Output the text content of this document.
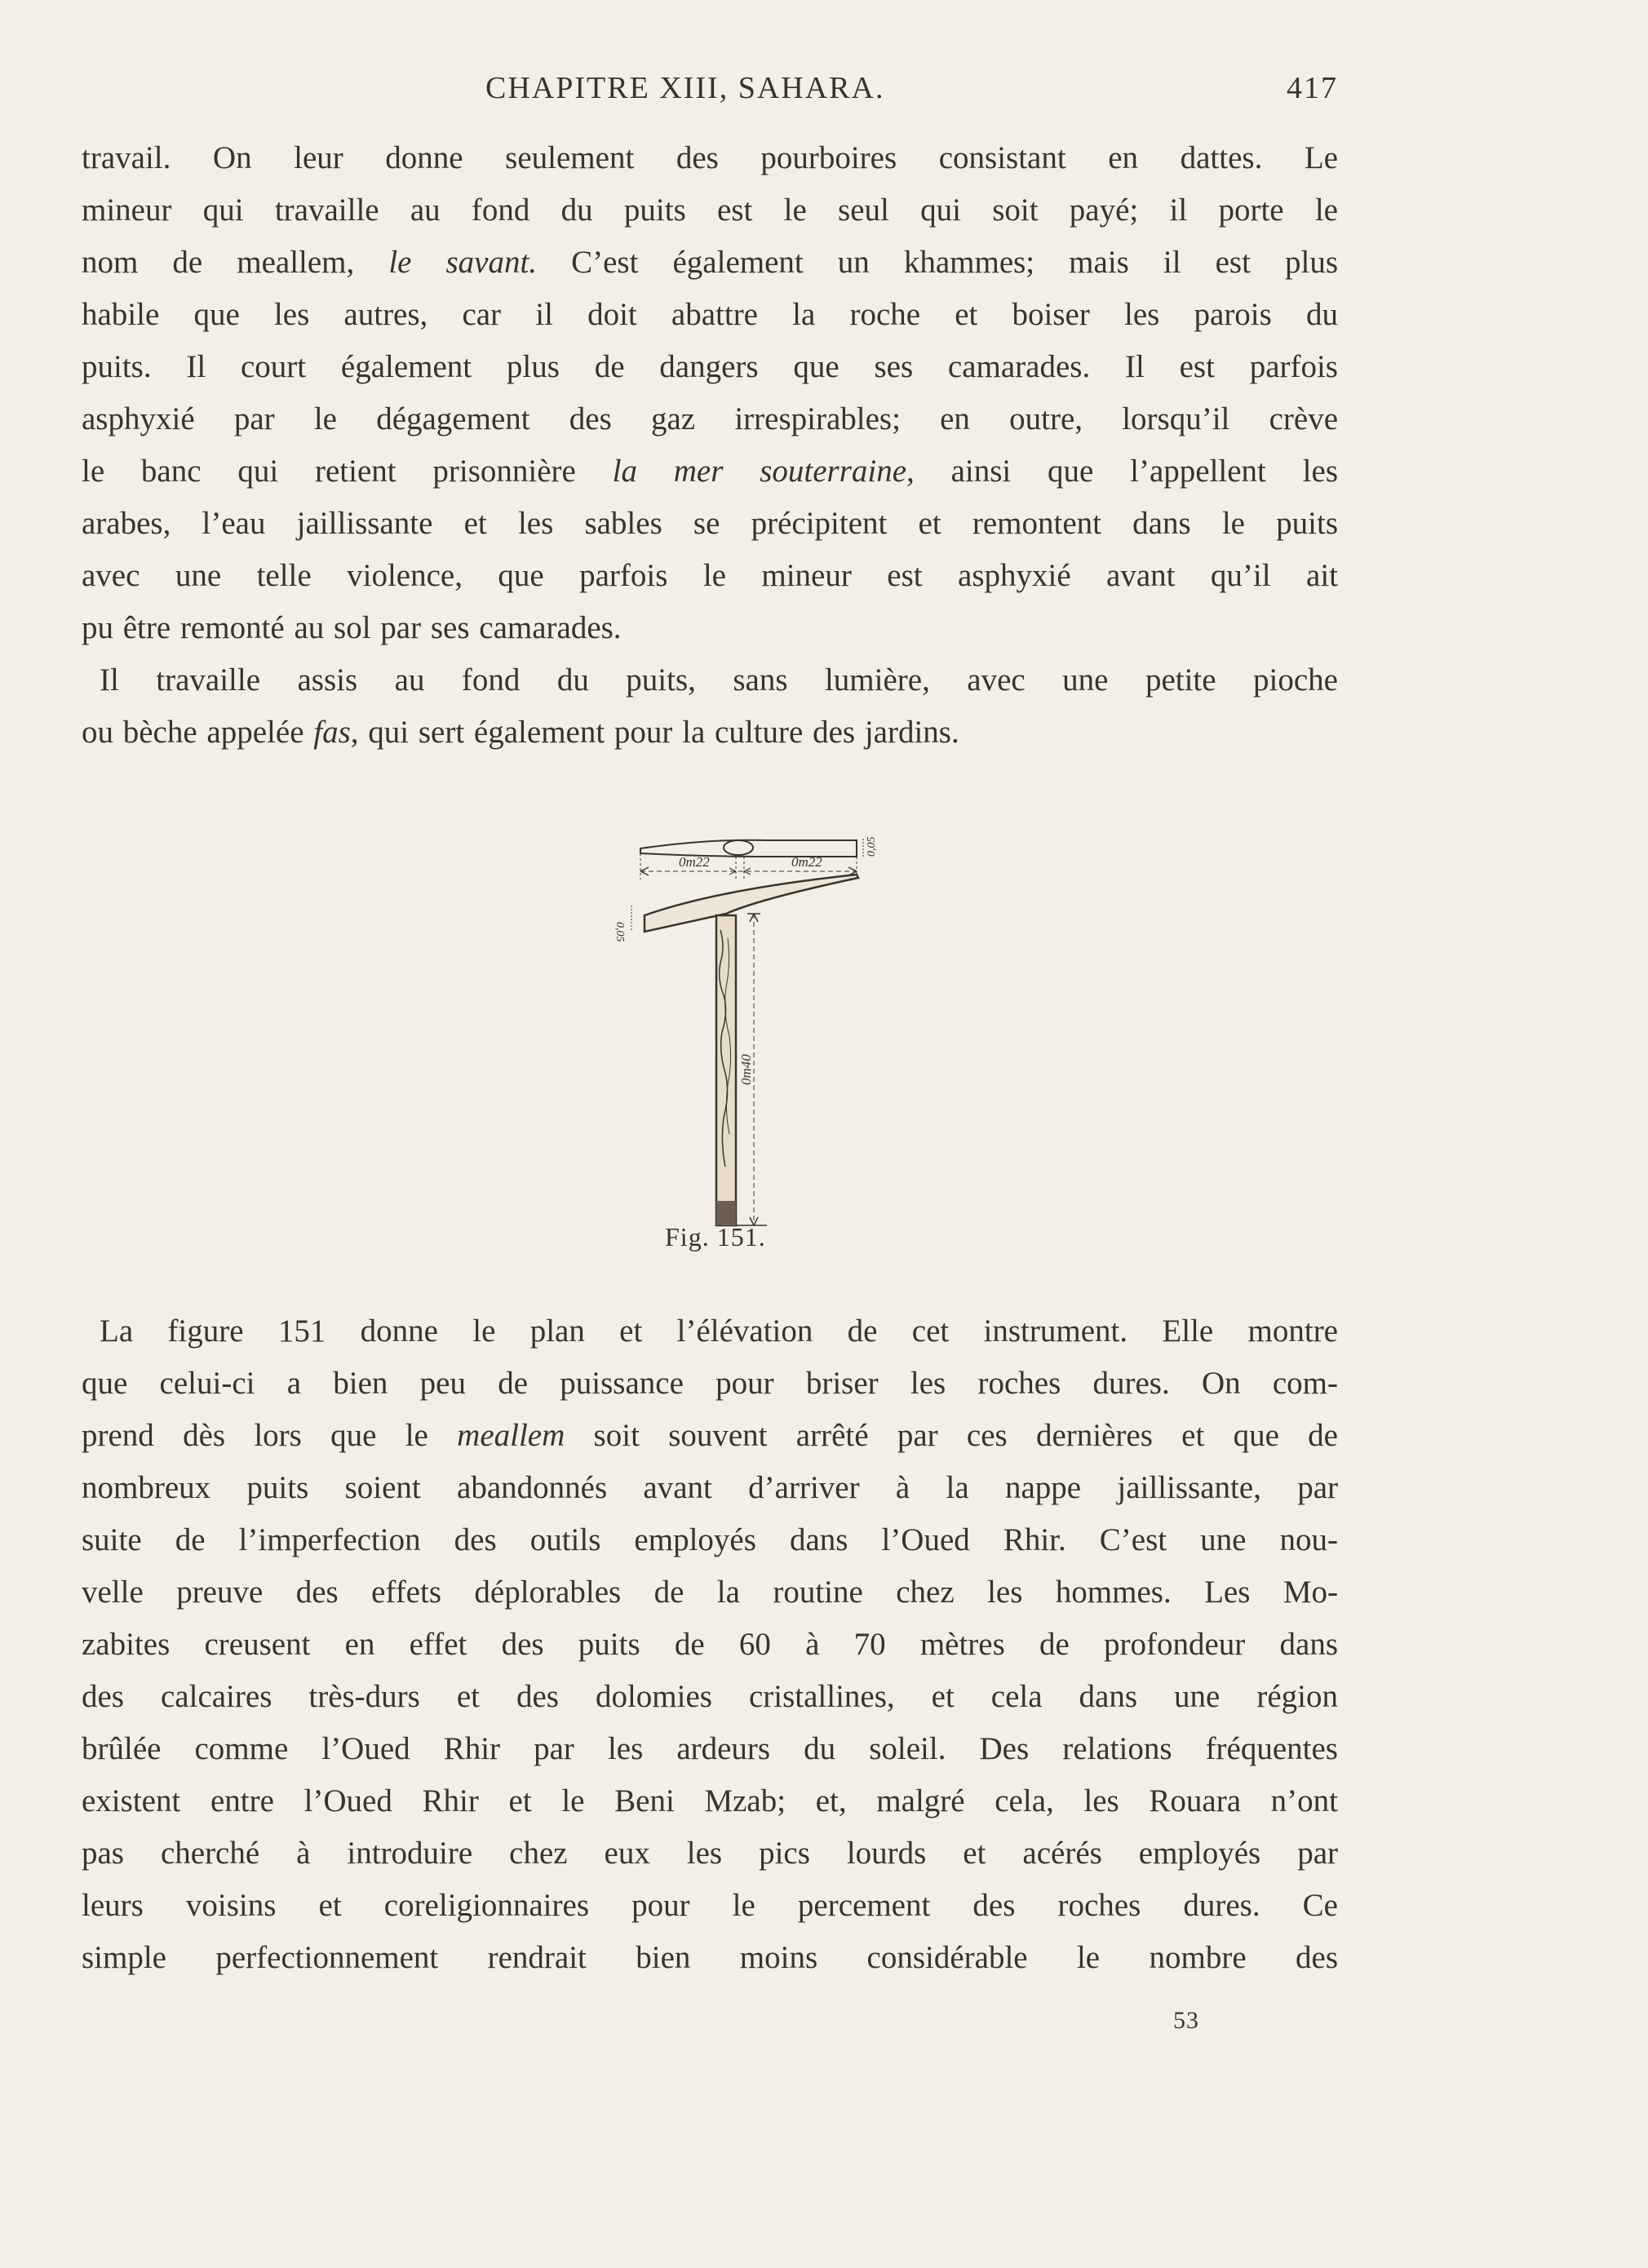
CHAPITRE XIII, SAHARA.	417
travail. On leur donne seulement des pourboires consistant en dattes. Le
mineur qui travaille au fond du puits est le seul qui soit payé; il porte le
nom de meallem, le savant. C’est également un khammes; mais il est plus
habile que les autres, car il doit abattre la roche et boiser les parois du
puits. Il court également plus de dangers que ses camarades. Il est parfois
asphyxié par le dégagement des gaz irrespirables; en outre, lorsqu’il crève
le banc qui retient prisonnière la mer souterraine, ainsi que l’appellent les
arabes, l’eau jaillissante et les sables se précipitent et remontent dans le puits
avec une telle violence, que parfois le mineur est asphyxié avant qu’il ait
pu être remonté au sol par ses camarades.
Il travaille assis au fond du puits, sans lumière, avec une petite pioche
ou bèche appelée fas, qui sert également pour la culture des jardins.
0m22	0m22
0,05
0,05
0m40
Fig. 151.
La figure 151 donne le plan et l’élévation de cet instrument. Elle montre
que celui-ci a bien peu de puissance pour briser les roches dures. On com-
prend dès lors que le meallem soit souvent arrêté par ces dernières et que de
nombreux puits soient abandonnés avant d’arriver à la nappe jaillissante, par
suite de l’imperfection des outils employés dans l’Oued Rhir. C’est une nou-
velle preuve des effets déplorables de la routine chez les hommes. Les Mo-
zabites creusent en effet des puits de 60 à 70 mètres de profondeur dans
des calcaires très-durs et des dolomies cristallines, et cela dans une région
brûlée comme l’Oued Rhir par les ardeurs du soleil. Des relations fréquentes
existent entre l’Oued Rhir et le Beni Mzab; et, malgré cela, les Rouara n’ont
pas cherché à introduire chez eux les pics lourds et acérés employés par
leurs voisins et coreligionnaires pour le percement des roches dures. Ce
simple perfectionnement rendrait bien moins considérable le nombre des
53
